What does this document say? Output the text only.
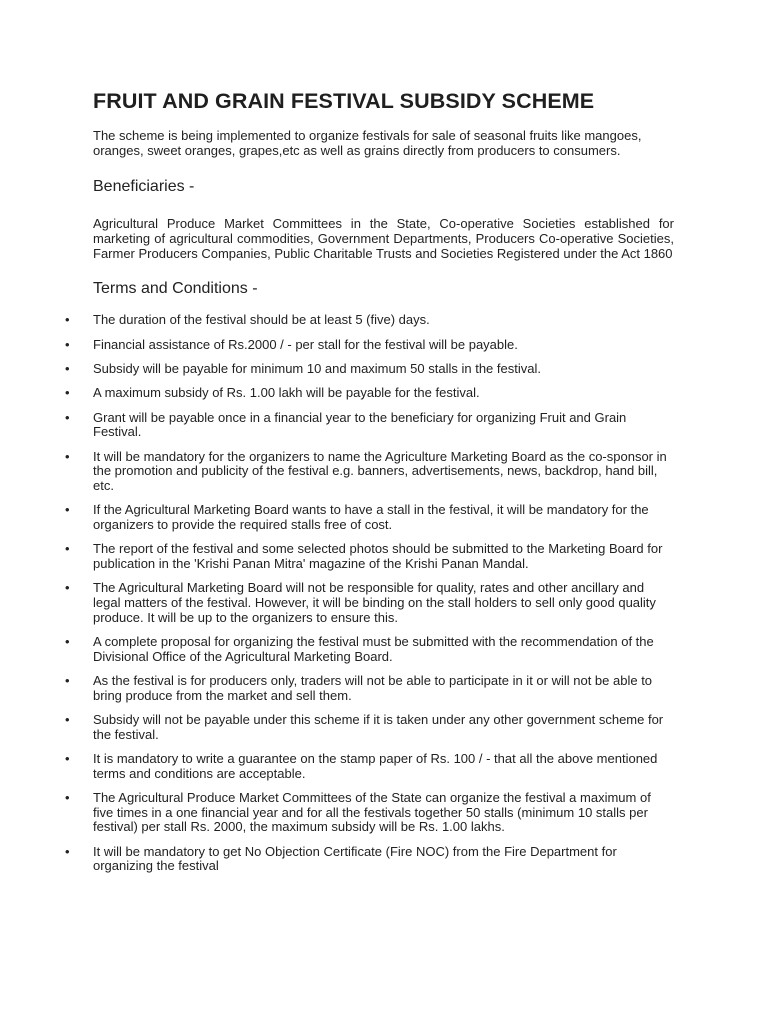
FRUIT AND GRAIN FESTIVAL SUBSIDY SCHEME

The scheme is being implemented to organize festivals for sale of seasonal fruits like mangoes, oranges, sweet oranges, grapes,etc as well as grains directly from producers to consumers.

Beneficiaries -

Agricultural Produce Market Committees in the State, Co-operative Societies established for marketing of agricultural commodities, Government Departments, Producers Co-operative Societies, Farmer Producers Companies, Public Charitable Trusts and Societies Registered under the Act 1860

Terms and Conditions -
• The duration of the festival should be at least 5 (five) days.
• Financial assistance of Rs.2000 / - per stall for the festival will be payable.
• Subsidy will be payable for minimum 10 and maximum 50 stalls in the festival.
• A maximum subsidy of Rs. 1.00 lakh will be payable for the festival.
• Grant will be payable once in a financial year to the beneficiary for organizing Fruit and Grain Festival.
• It will be mandatory for the organizers to name the Agriculture Marketing Board as the co-sponsor in the promotion and publicity of the festival e.g. banners, advertisements, news, backdrop, hand bill, etc.
• If the Agricultural Marketing Board wants to have a stall in the festival, it will be mandatory for the organizers to provide the required stalls free of cost.
• The report of the festival and some selected photos should be submitted to the Marketing Board for publication in the 'Krishi Panan Mitra' magazine of the Krishi Panan Mandal.
• The Agricultural Marketing Board will not be responsible for quality, rates and other ancillary and legal matters of the festival. However, it will be binding on the stall holders to sell only good quality produce. It will be up to the organizers to ensure this.
• A complete proposal for organizing the festival must be submitted with the recommendation of the Divisional Office of the Agricultural Marketing Board.
• As the festival is for producers only, traders will not be able to participate in it or will not be able to bring produce from the market and sell them.
• Subsidy will not be payable under this scheme if it is taken under any other government scheme for the festival.
• It is mandatory to write a guarantee on the stamp paper of Rs. 100 / - that all the above mentioned terms and conditions are acceptable.
• The Agricultural Produce Market Committees of the State can organize the festival a maximum of five times in a one financial year and for all the festivals together 50 stalls (minimum 10 stalls per festival) per stall Rs. 2000, the maximum subsidy will be Rs. 1.00 lakhs.
• It will be mandatory to get No Objection Certificate (Fire NOC) from the Fire Department for organizing the festival
